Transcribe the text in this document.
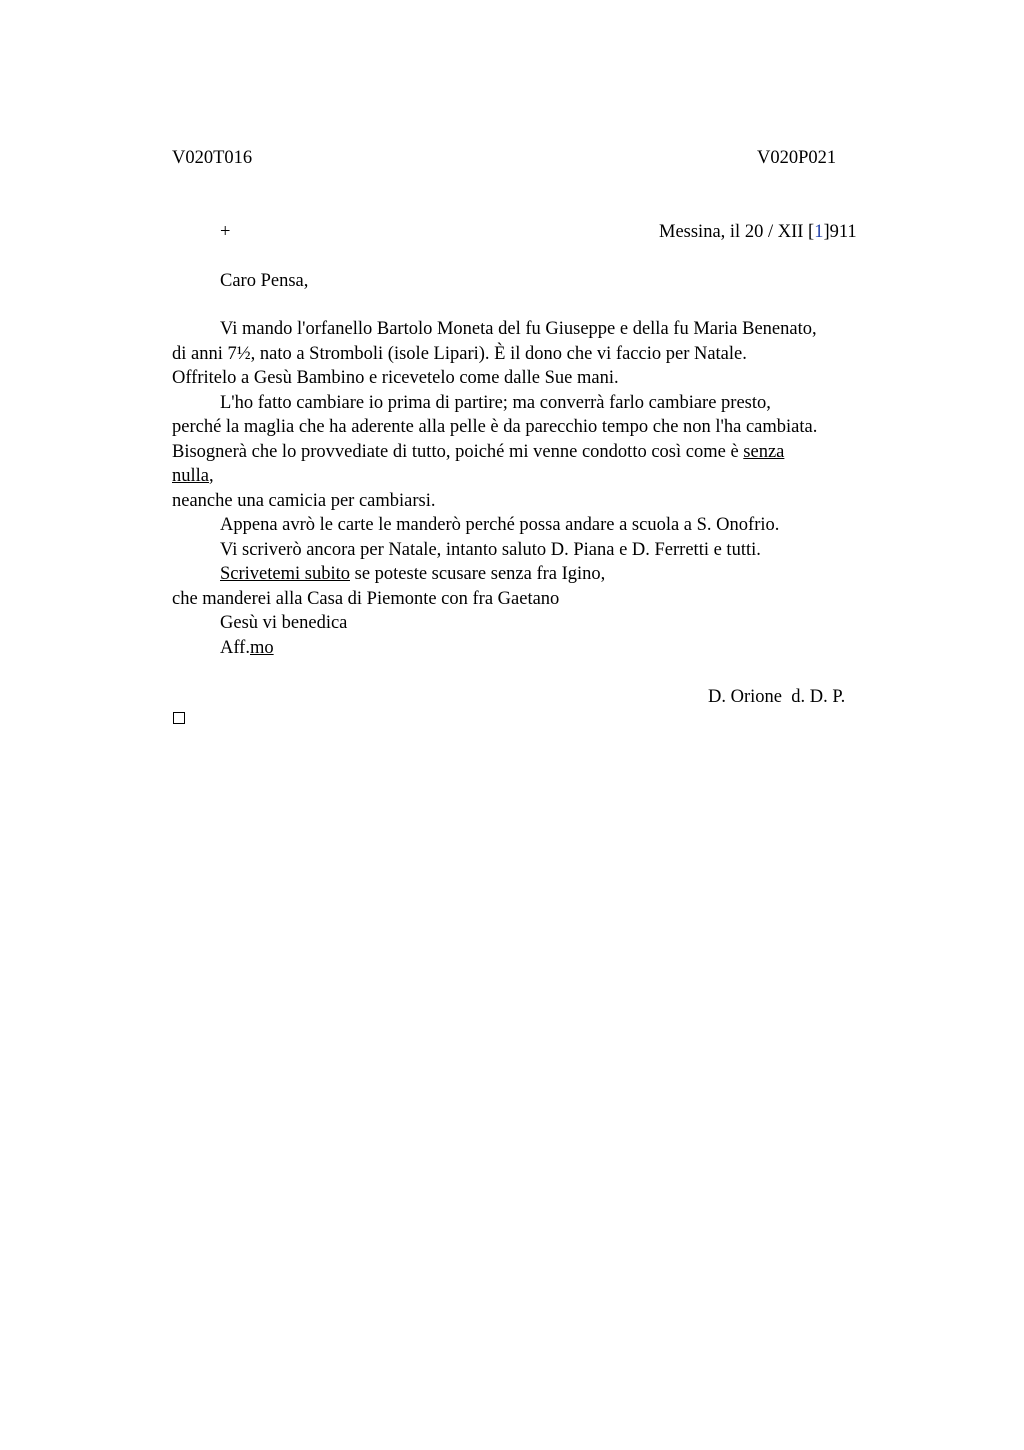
V020T016	V020P021
+	Messina, il 20 / XII [1]911
Caro Pensa,
Vi mando l'orfanello Bartolo Moneta del fu Giuseppe e della fu Maria Benenato,
di anni 7½, nato a Stromboli (isole Lipari). È il dono che vi faccio per Natale.
Offritelo a Gesù Bambino e ricevetelo come dalle Sue mani.
L'ho fatto cambiare io prima di partire; ma converrà farlo cambiare presto,
perché la maglia che ha aderente alla pelle è da parecchio tempo che non l'ha cambiata.
Bisognerà che lo provvediate di tutto, poiché mi venne condotto così come è senza
nulla,
neanche una camicia per cambiarsi.
Appena avrò le carte le manderò perché possa andare a scuola a S. Onofrio.
Vi scriverò ancora per Natale, intanto saluto D. Piana e D. Ferretti e tutti.
Scrivetemi subito se poteste scusare senza fra Igino,
che manderei alla Casa di Piemonte con fra Gaetano
Gesù vi benedica
Aff.mo
D. Orione  d. D. P.
